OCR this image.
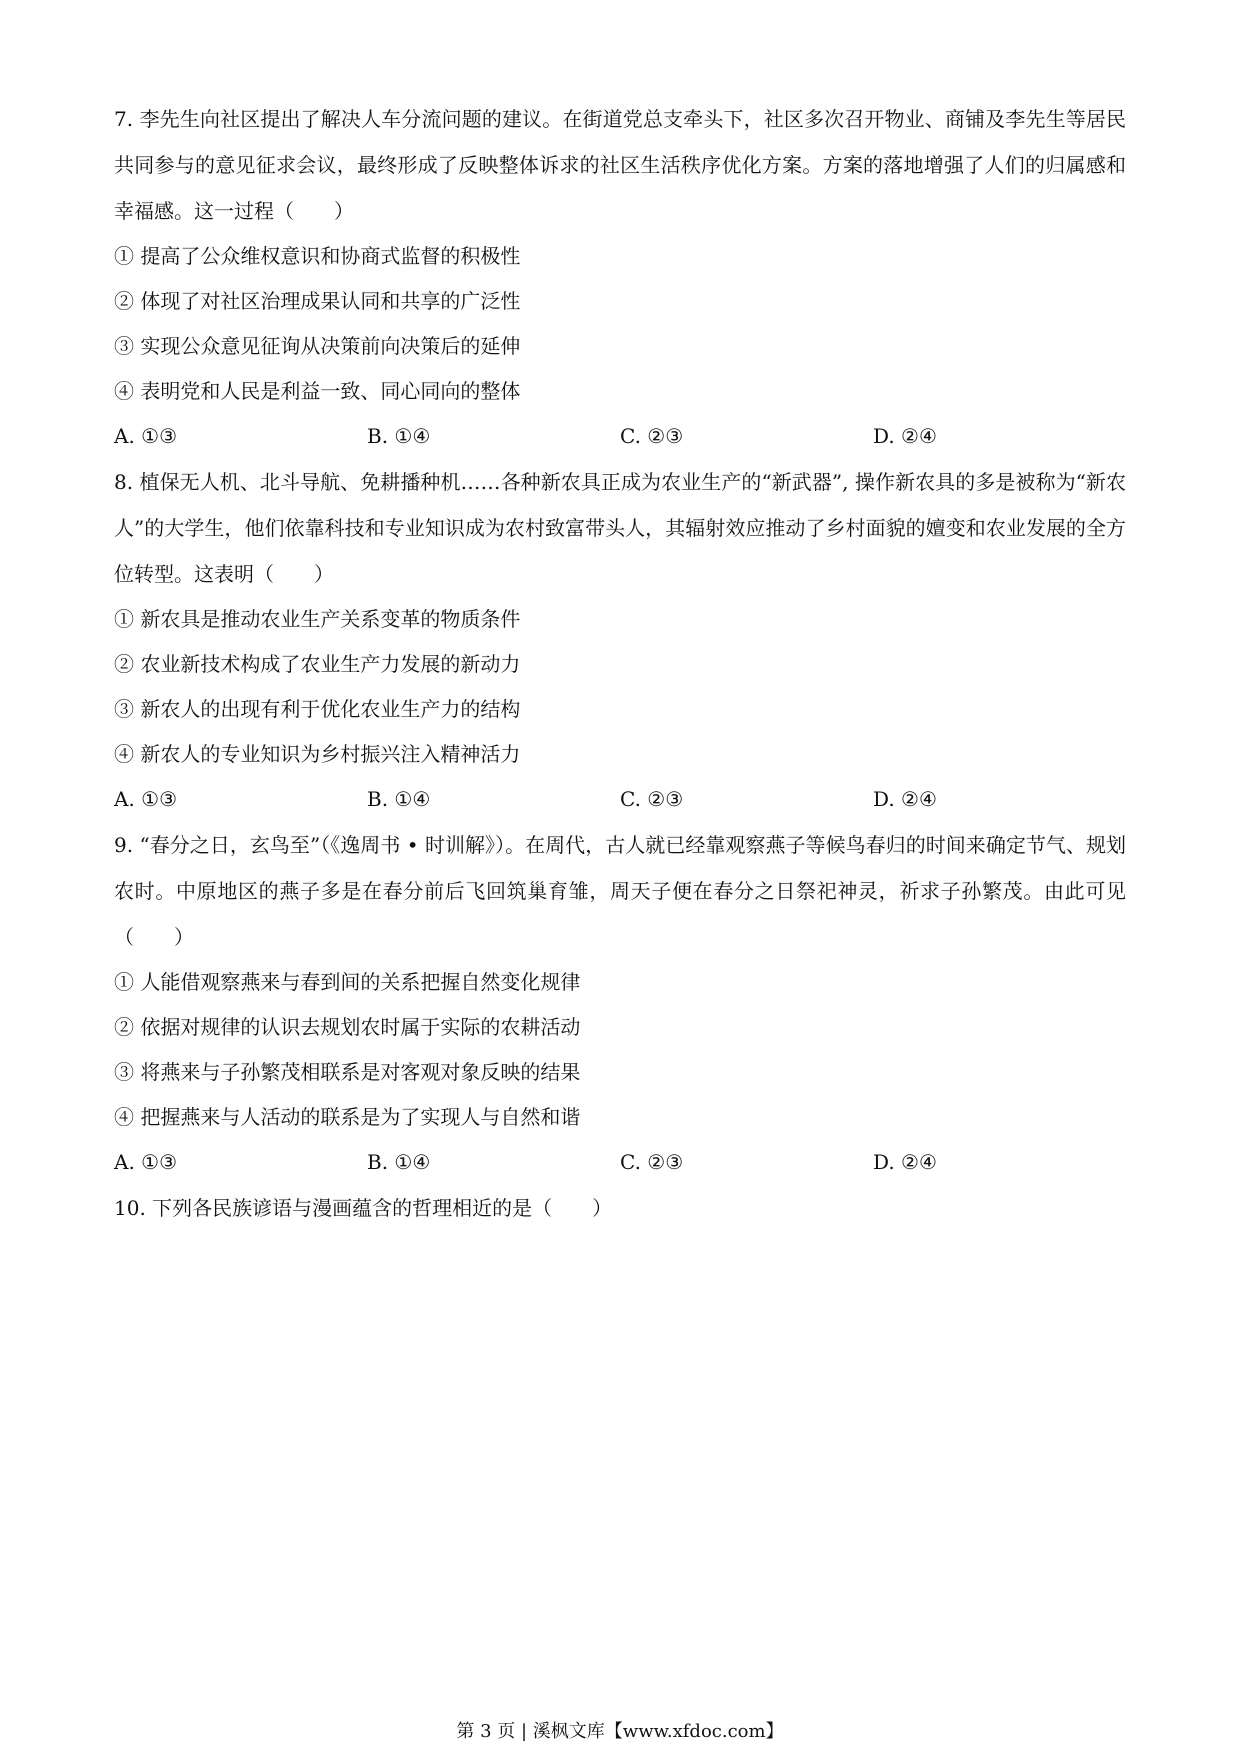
7. 李先生向社区提出了解决人车分流问题的建议。在街道党总支牵头下，社区多次召开物业、商铺及李先生等居民共同参与的意见征求会议，最终形成了反映整体诉求的社区生活秩序优化方案。方案的落地增强了人们的归属感和幸福感。这一过程（　　）

① 提高了公众维权意识和协商式监督的积极性
② 体现了对社区治理成果认同和共享的广泛性
③ 实现公众意见征询从决策前向决策后的延伸
④ 表明党和人民是利益一致、同心同向的整体
A. ①③	B. ①④	C. ②③	D. ②④

8. 植保无人机、北斗导航、免耕播种机……各种新农具正成为农业生产的“新武器”, 操作新农具的多是被称为“新农人”的大学生，他们依靠科技和专业知识成为农村致富带头人，其辐射效应推动了乡村面貌的嬗变和农业发展的全方位转型。这表明（　　）

① 新农具是推动农业生产关系变革的物质条件
② 农业新技术构成了农业生产力发展的新动力
③ 新农人的出现有利于优化农业生产力的结构
④ 新农人的专业知识为乡村振兴注入精神活力
A. ①③	B. ①④	C. ②③	D. ②④

9. “春分之日，玄鸟至”（《逸周书 • 时训解》）。在周代，古人就已经靠观察燕子等候鸟春归的时间来确定节气、规划农时。中原地区的燕子多是在春分前后飞回筑巢育雏，周天子便在春分之日祭祀神灵，祈求子孙繁茂。由此可见（　　）

① 人能借观察燕来与春到间的关系把握自然变化规律
② 依据对规律的认识去规划农时属于实际的农耕活动
③ 将燕来与子孙繁茂相联系是对客观对象反映的结果
④ 把握燕来与人活动的联系是为了实现人与自然和谐
A. ①③	B. ①④	C. ②③	D. ②④

10. 下列各民族谚语与漫画蕴含的哲理相近的是（　　）

第 3 页 | 溪枫文库【www.xfdoc.com】
